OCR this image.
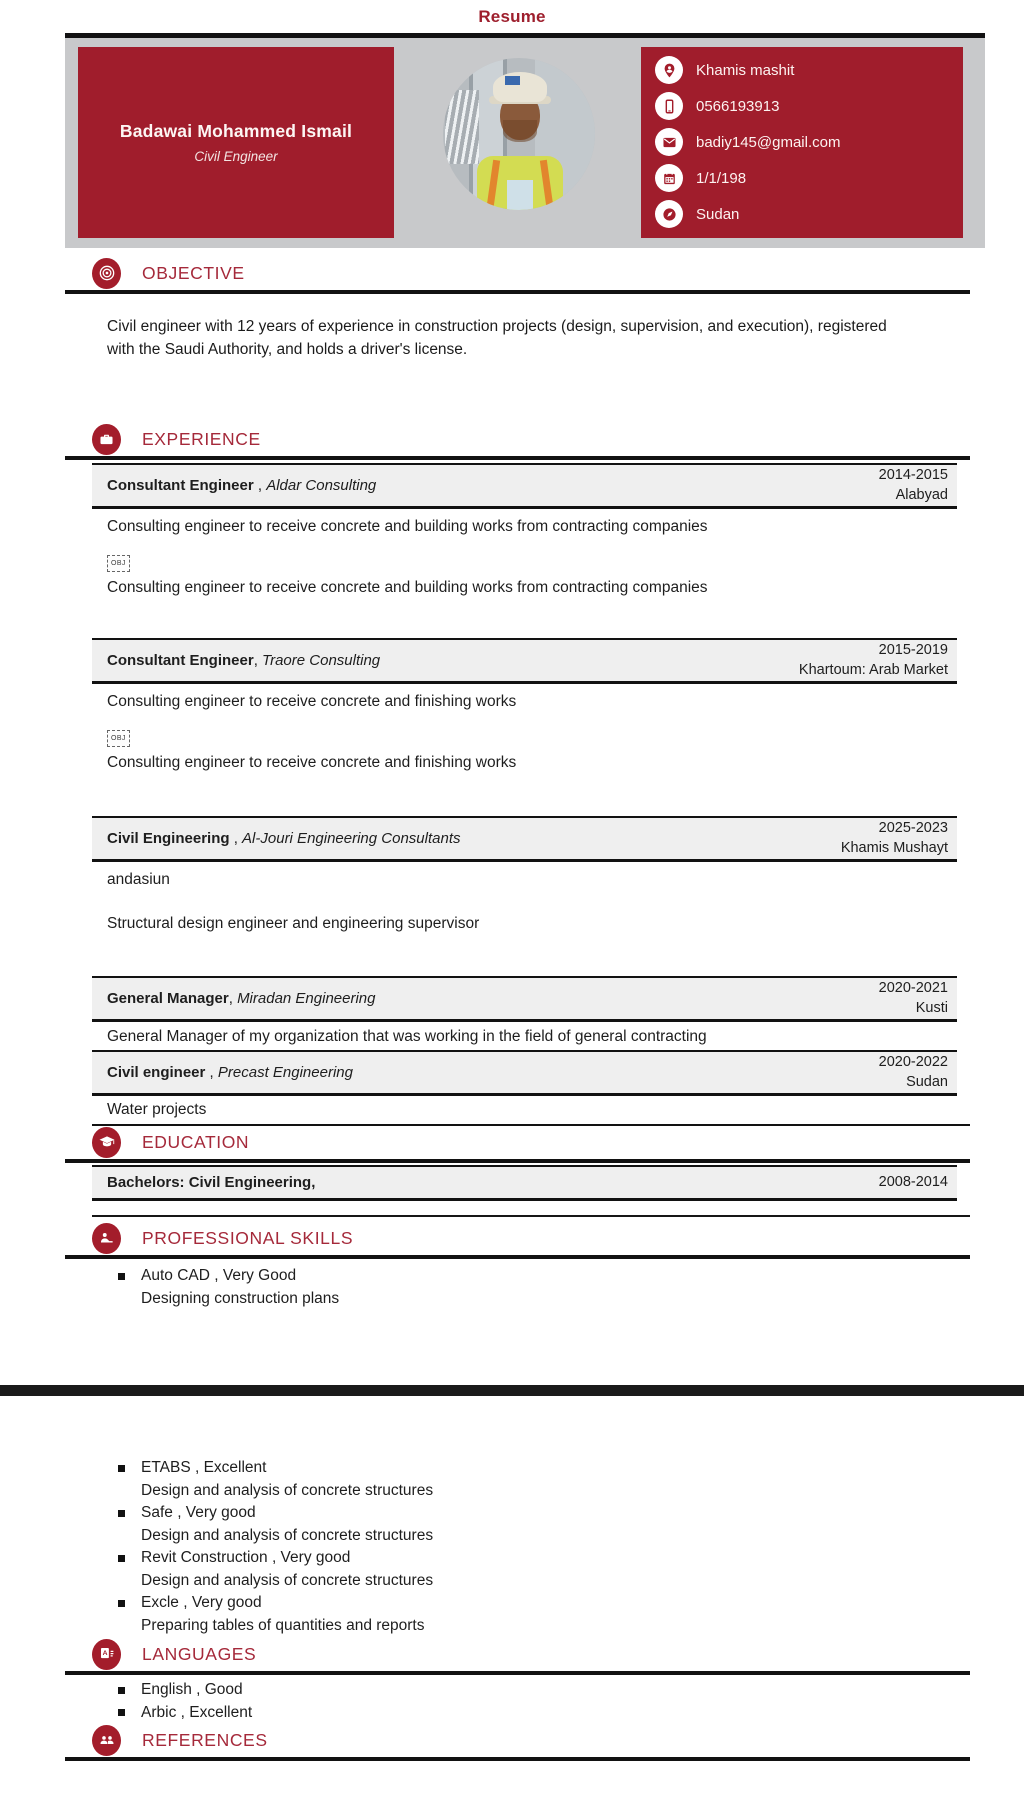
Resume
Badawai Mohammed Ismail
Civil Engineer
Khamis mashit
0566193913
badiy145@gmail.com
1/1/198
Sudan
OBJECTIVE
Civil engineer with 12 years of experience in construction projects (design, supervision, and execution), registered with the Saudi Authority, and holds a driver's license.
EXPERIENCE
Consultant Engineer , Aldar Consulting
2014-2015
Alabyad
Consulting engineer to receive concrete and building works from contracting companies
OBJ
Consulting engineer to receive concrete and building works from contracting companies
Consultant Engineer, Traore Consulting
2015-2019
Khartoum: Arab Market
Consulting engineer to receive concrete and finishing works
OBJ
Consulting engineer to receive concrete and finishing works
Civil Engineering , Al-Jouri Engineering Consultants
2025-2023
Khamis Mushayt
andasiun
Structural design engineer and engineering supervisor
General Manager, Miradan Engineering
2020-2021
Kusti
General Manager of my organization that was working in the field of general contracting
Civil engineer , Precast Engineering
2020-2022
Sudan
Water projects
EDUCATION
Bachelors: Civil Engineering,	2008-2014
PROFESSIONAL SKILLS
Auto CAD , Very Good
Designing construction plans
ETABS , Excellent
Design and analysis of concrete structures
Safe , Very good
Design and analysis of concrete structures
Revit Construction , Very good
Design and analysis of concrete structures
Excle , Very good
Preparing tables of quantities and reports
A LANGUAGES
English , Good
Arbic , Excellent
REFERENCES
